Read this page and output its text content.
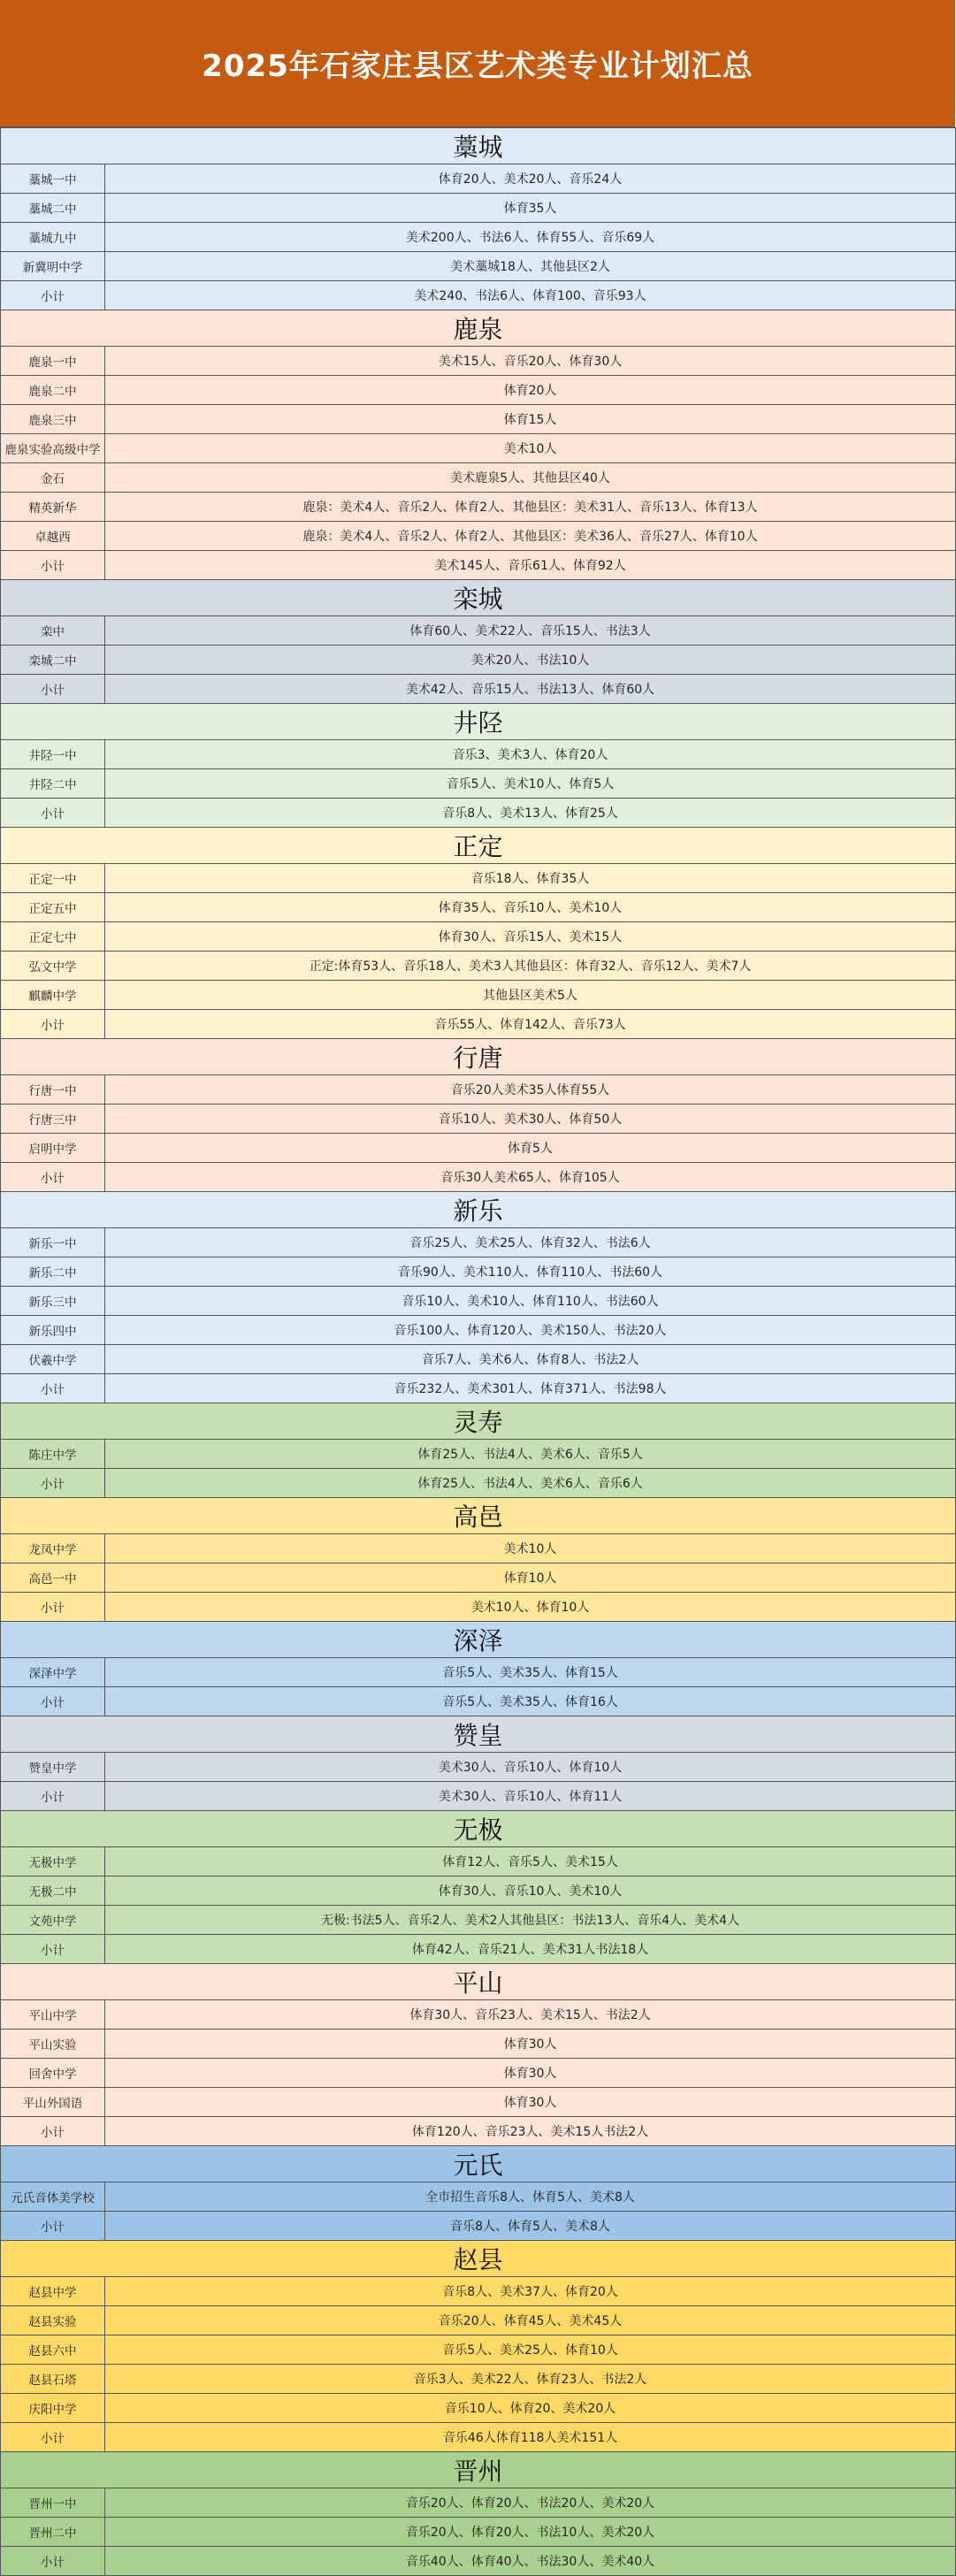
2025年石家庄县区艺术类专业计划汇总
藁城	
藁城一中	体育20人、美术20人、音乐24人
藁城二中	体育35人
藁城九中	美术200人、书法6人、体育55人、音乐69人
新冀明中学	美术藁城18人、其他县区2人
小计	美术240、书法6人、体育100、音乐93人
鹿泉	
鹿泉一中	美术15人、音乐20人、体育30人
鹿泉二中	体育20人
鹿泉三中	体育15人
鹿泉实验高级中学	美术10人
金石	美术鹿泉5人、其他县区40人
精英新华	鹿泉：美术4人、音乐2人、体育2人、其他县区：美术31人、音乐13人、体育13人
卓越西	鹿泉：美术4人、音乐2人、体育2人、其他县区：美术36人、音乐27人、体育10人
小计	美术145人、音乐61人、体育92人
栾城	
栾中	体育60人、美术22人、音乐15人、书法3人
栾城二中	美术20人、书法10人
小计	美术42人、音乐15人、书法13人、体育60人
井陉	
井陉一中	音乐3、美术3人、体育20人
井陉二中	音乐5人、美术10人、体育5人
小计	音乐8人、美术13人、体育25人
正定	
正定一中	音乐18人、体育35人
正定五中	体育35人、音乐10人、美术10人
正定七中	体育30人、音乐15人、美术15人
弘文中学	正定:体育53人、音乐18人、美术3人其他县区：体育32人、音乐12人、美术7人
麒麟中学	其他县区美术5人
小计	音乐55人、体育142人、音乐73人
行唐	
行唐一中	音乐20人美术35人体育55人
行唐三中	音乐10人、美术30人、体育50人
启明中学	体育5人
小计	音乐30人美术65人、体育105人
新乐	
新乐一中	音乐25人、美术25人、体育32人、书法6人
新乐二中	音乐90人、美术110人、体育110人、书法60人
新乐三中	音乐10人、美术10人、体育110人、书法60人
新乐四中	音乐100人、体育120人、美术150人、书法20人
伏羲中学	音乐7人、美术6人、体育8人、书法2人
小计	音乐232人、美术301人、体育371人、书法98人
灵寿	
陈庄中学	体育25人、书法4人、美术6人、音乐5人
小计	体育25人、书法4人、美术6人、音乐6人
高邑	
龙凤中学	美术10人
高邑一中	体育10人
小计	美术10人、体育10人
深泽	
深泽中学	音乐5人、美术35人、体育15人
小计	音乐5人、美术35人、体育16人
赞皇	
赞皇中学	美术30人、音乐10人、体育10人
小计	美术30人、音乐10人、体育11人
无极	
无极中学	体育12人、音乐5人、美术15人
无极二中	体育30人、音乐10人、美术10人
文苑中学	无极:书法5人、音乐2人、美术2人其他县区：书法13人、音乐4人、美术4人
小计	体育42人、音乐21人、美术31人书法18人
平山	
平山中学	体育30人、音乐23人、美术15人、书法2人
平山实验	体育30人
回舍中学	体育30人
平山外国语	体育30人
小计	体育120人、音乐23人、美术15人书法2人
元氏	
元氏音体美学校	全市招生音乐8人、体育5人、美术8人
小计	音乐8人、体育5人、美术8人
赵县	
赵县中学	音乐8人、美术37人、体育20人
赵县实验	音乐20人、体育45人、美术45人
赵县六中	音乐5人、美术25人、体育10人
赵县石塔	音乐3人、美术22人、体育23人、书法2人
庆阳中学	音乐10人、体育20、美术20人
小计	音乐46人体育118人美术151人
晋州	
晋州一中	音乐20人、体育20人、书法20人、美术20人
晋州二中	音乐20人、体育20人、书法10人、美术20人
小计	音乐40人、体育40人、书法30人、美术40人
